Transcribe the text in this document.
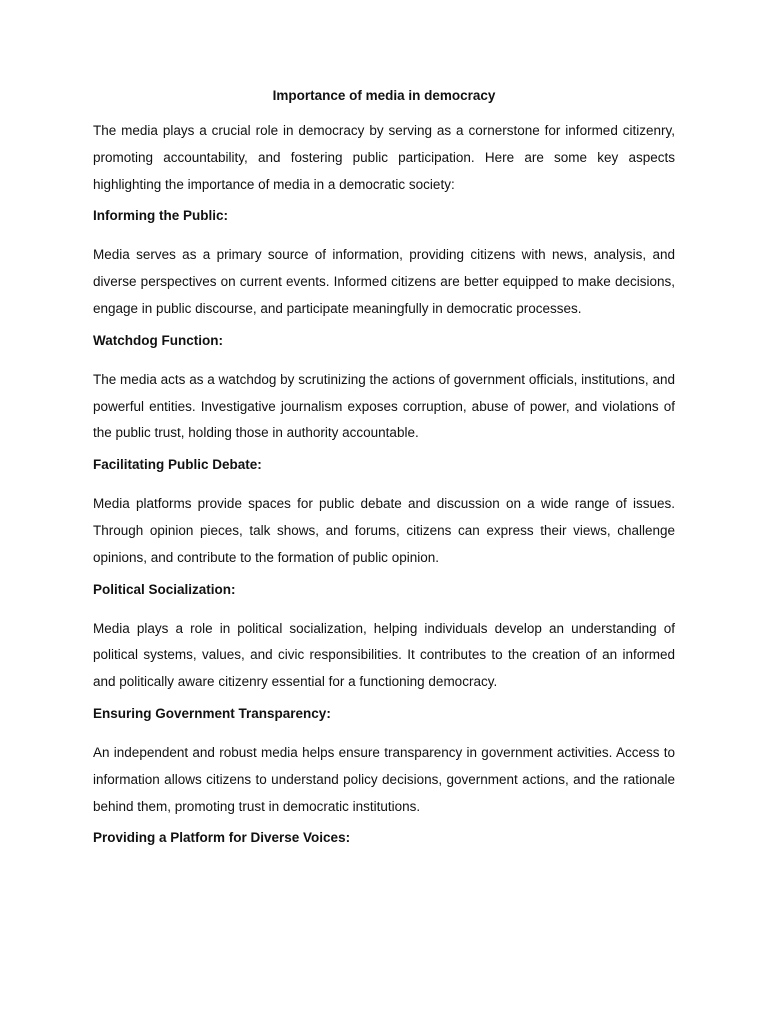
Importance of media in democracy

The media plays a crucial role in democracy by serving as a cornerstone for informed citizenry, promoting accountability, and fostering public participation. Here are some key aspects highlighting the importance of media in a democratic society:

Informing the Public:

Media serves as a primary source of information, providing citizens with news, analysis, and diverse perspectives on current events. Informed citizens are better equipped to make decisions, engage in public discourse, and participate meaningfully in democratic processes.

Watchdog Function:

The media acts as a watchdog by scrutinizing the actions of government officials, institutions, and powerful entities. Investigative journalism exposes corruption, abuse of power, and violations of the public trust, holding those in authority accountable.

Facilitating Public Debate:

Media platforms provide spaces for public debate and discussion on a wide range of issues. Through opinion pieces, talk shows, and forums, citizens can express their views, challenge opinions, and contribute to the formation of public opinion.

Political Socialization:

Media plays a role in political socialization, helping individuals develop an understanding of political systems, values, and civic responsibilities. It contributes to the creation of an informed and politically aware citizenry essential for a functioning democracy.

Ensuring Government Transparency:

An independent and robust media helps ensure transparency in government activities. Access to information allows citizens to understand policy decisions, government actions, and the rationale behind them, promoting trust in democratic institutions.

Providing a Platform for Diverse Voices:
